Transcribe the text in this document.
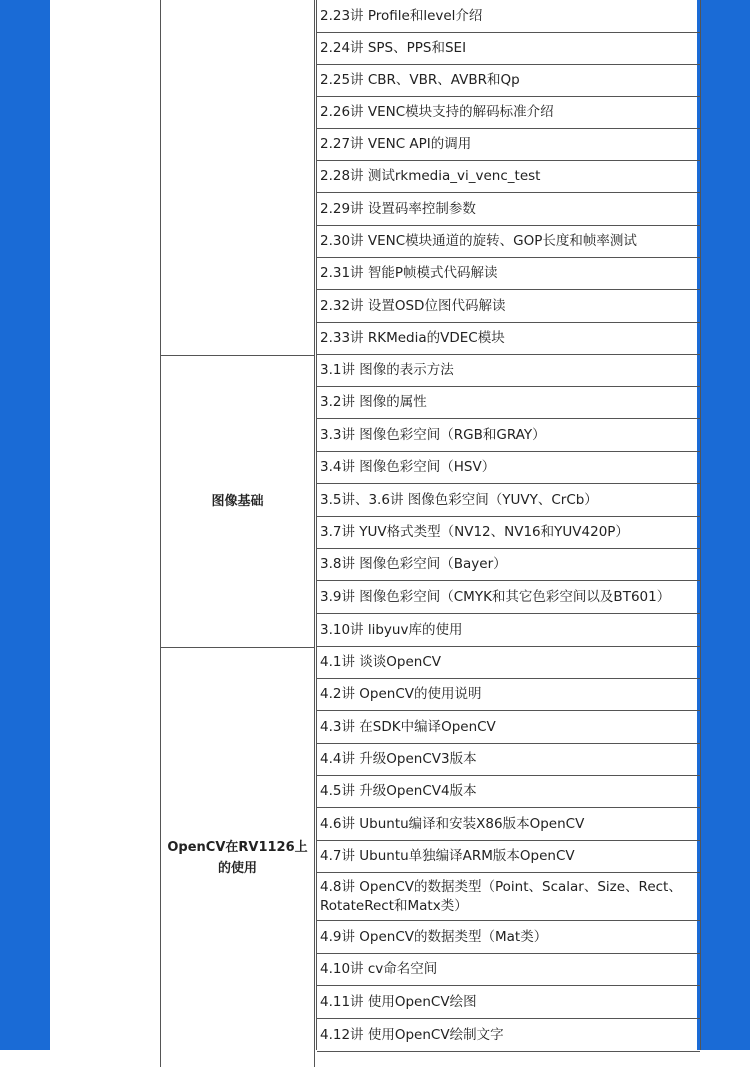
图像基础
OpenCV在RV1126上的使用
2.23讲 Profile和level介绍
2.24讲 SPS、PPS和SEI
2.25讲 CBR、VBR、AVBR和Qp
2.26讲 VENC模块支持的解码标准介绍
2.27讲 VENC API的调用
2.28讲 测试rkmedia_vi_venc_test
2.29讲 设置码率控制参数
2.30讲 VENC模块通道的旋转、GOP长度和帧率测试
2.31讲 智能P帧模式代码解读
2.32讲 设置OSD位图代码解读
2.33讲 RKMedia的VDEC模块
3.1讲 图像的表示方法
3.2讲 图像的属性
3.3讲 图像色彩空间（RGB和GRAY）
3.4讲 图像色彩空间（HSV）
3.5讲、3.6讲 图像色彩空间（YUVY、CrCb）
3.7讲 YUV格式类型（NV12、NV16和YUV420P）
3.8讲 图像色彩空间（Bayer）
3.9讲 图像色彩空间（CMYK和其它色彩空间以及BT601）
3.10讲 libyuv库的使用
4.1讲 谈谈OpenCV
4.2讲 OpenCV的使用说明
4.3讲 在SDK中编译OpenCV
4.4讲 升级OpenCV3版本
4.5讲 升级OpenCV4版本
4.6讲 Ubuntu编译和安装X86版本OpenCV
4.7讲 Ubuntu单独编译ARM版本OpenCV
4.8讲 OpenCV的数据类型（Point、Scalar、Size、Rect、RotateRect和Matx类）
4.9讲 OpenCV的数据类型（Mat类）
4.10讲 cv命名空间
4.11讲 使用OpenCV绘图
4.12讲 使用OpenCV绘制文字
